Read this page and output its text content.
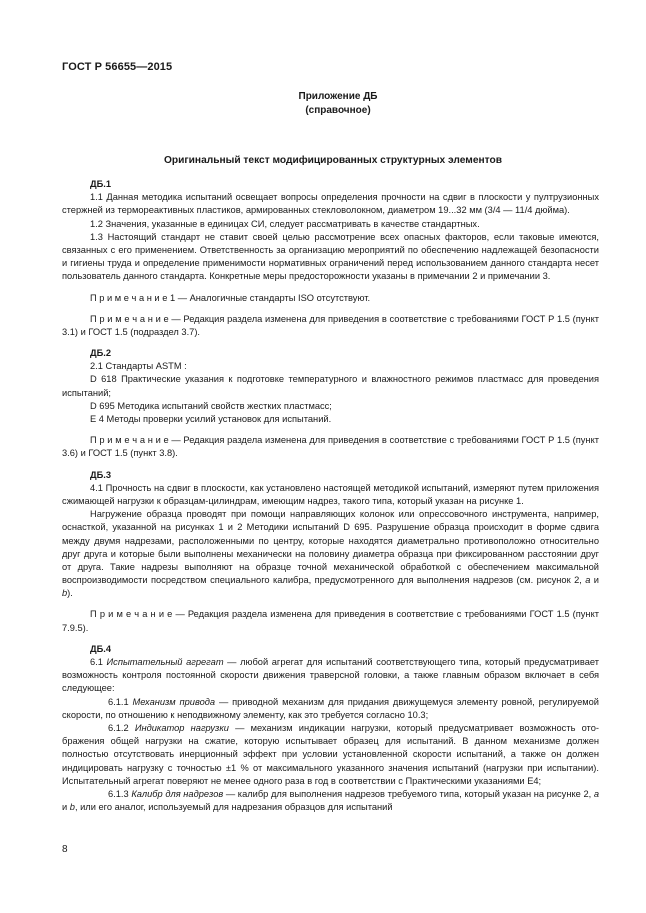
ГОСТ Р 56655—2015
Приложение ДБ
(справочное)
Оригинальный текст модифицированных структурных элементов

ДБ.1

1.1 Данная методика испытаний освещает вопросы определения прочности на сдвиг в плоскости у пултрузионных стержней из термореактивных пластиков, армированных стекловолокном, диаметром 19...32 мм (3/4 — 11/4 дюйма).

1.2 Значения, указанные в единицах СИ, следует рассматривать в качестве стандартных.

1.3 Настоящий стандарт не ставит своей целью рассмотрение всех опасных факторов, если таковые имеются, связанных с его применением. Ответственность за организацию мероприятий по обеспечению надлежащей безопасности и гигиены труда и определение применимости нормативных ограничений перед использованием данного стандарта несет пользователь данного стандарта. Конкретные меры предосторожности указаны в примечании 2 и примечании 3.

П р и м е ч а н и е 1 — Аналогичные стандарты ISO отсутствуют.

П р и м е ч а н и е — Редакция раздела изменена для приведения в соответствие с требованиями ГОСТ Р 1.5 (пункт 3.1) и ГОСТ 1.5 (подраздел 3.7).

ДБ.2

2.1 Стандарты ASTM :

D 618 Практические указания к подготовке температурного и влажностного режимов пластмасс для проведения испытаний;

D 695 Методика испытаний свойств жестких пластмасс;

E 4 Методы проверки усилий установок для испытаний.

П р и м е ч а н и е — Редакция раздела изменена для приведения в соответствие с требованиями ГОСТ Р 1.5 (пункт 3.6) и ГОСТ 1.5 (пункт 3.8).

ДБ.3

4.1 Прочность на сдвиг в плоскости, как установлено настоящей методикой испытаний, измеряют путем приложения сжимающей нагрузки к образцам-цилиндрам, имеющим надрез, такого типа, который указан на рисунке 1.

Нагружение образца проводят при помощи направляющих колонок или опрессовочного инструмента, например, оснасткой, указанной на рисунках 1 и 2 Методики испытаний D 695. Разрушение образца происходит в форме сдвига между двумя надрезами, расположенными по центру, которые находятся диаметрально противоположно относительно друг друга и которые были выполнены механически на половину диаметра образца при фиксированном расстоянии друг от друга. Такие надрезы выполняют на образце точной механической обработкой с обеспечением максимальной воспроизводимости посредством специального калибра, предусмотренного для выполнения надрезов (см. рисунок 2, a и b).

П р и м е ч а н и е — Редакция раздела изменена для приведения в соответствие с требованиями ГОСТ 1.5 (пункт 7.9.5).

ДБ.4

6.1 Испытательный агрегат — любой агрегат для испытаний соответствующего типа, который предусматривает возможность контроля постоянной скорости движения траверсной головки, а также главным образом включает в себя следующее:

6.1.1 Механизм привода — приводной механизм для придания движущемуся элементу ровной, регулируемой скорости, по отношению к неподвижному элементу, как это требуется согласно 10.3;

6.1.2 Индикатор нагрузки — механизм индикации нагрузки, который предусматривает возможность отображения общей нагрузки на сжатие, которую испытывает образец для испытаний. В данном механизме должен полностью отсутствовать инерционный эффект при условии установленной скорости испытаний, а также он должен индицировать нагрузку с точностью ±1 % от максимального указанного значения испытаний (нагрузки при испытании). Испытательный агрегат поверяют не менее одного раза в год в соответствии с Практическими указаниями E4;

6.1.3 Калибр для надрезов — калибр для выполнения надрезов требуемого типа, который указан на рисунке 2, a и b, или его аналог, используемый для надрезания образцов для испытаний

8
